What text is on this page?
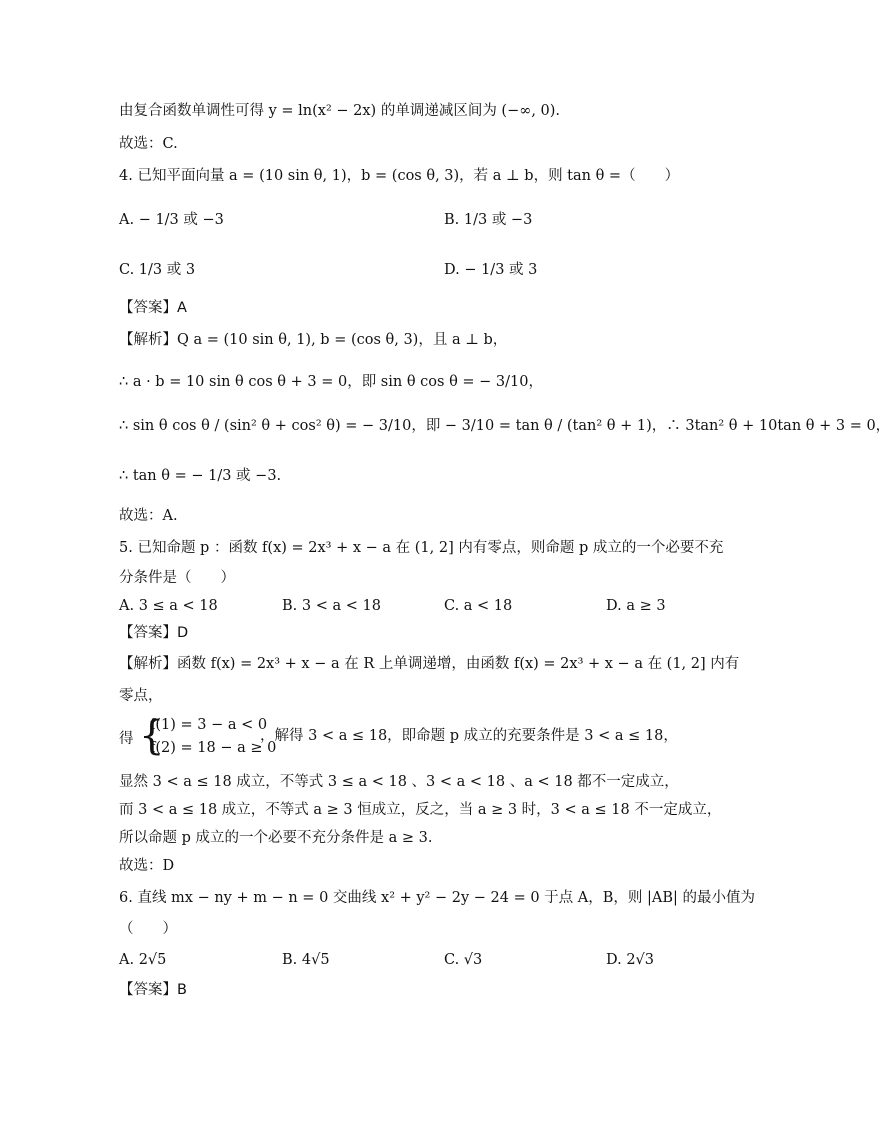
由复合函数单调性可得 y = ln(x² − 2x) 的单调递减区间为 (−∞, 0).
故选：C.
4. 已知平面向量 a = (10 sin θ, 1)，b = (cos θ, 3)，若 a ⊥ b，则 tan θ =（　　）
A. − 1/3 或 −3	B. 1/3 或 −3
C. 1/3 或 3	D. − 1/3 或 3
【答案】A
【解析】Q a = (10 sin θ, 1), b = (cos θ, 3)，且 a ⊥ b，
∴ a · b = 10 sin θ cos θ + 3 = 0，即 sin θ cos θ = − 3/10，
∴ sin θ cos θ / (sin² θ + cos² θ) = − 3/10，即 − 3/10 = tan θ / (tan² θ + 1)，∴ 3tan² θ + 10tan θ + 3 = 0，
∴ tan θ = − 1/3 或 −3.
故选：A.
5. 已知命题 p ：函数 f(x) = 2x³ + x − a 在 (1, 2] 内有零点，则命题 p 成立的一个必要不充
分条件是（　　）
A. 3 ≤ a < 18	B. 3 < a < 18	C. a < 18	D. a ≥ 3
【答案】D
【解析】函数 f(x) = 2x³ + x − a 在 R 上单调递增，由函数 f(x) = 2x³ + x − a 在 (1, 2] 内有
零点，
得 {
f(1) = 3 − a < 0
f(2) = 18 − a ≥ 0
，解得 3 < a ≤ 18，即命题 p 成立的充要条件是 3 < a ≤ 18，
显然 3 < a ≤ 18 成立，不等式 3 ≤ a < 18 、3 < a < 18 、a < 18 都不一定成立，
而 3 < a ≤ 18 成立，不等式 a ≥ 3 恒成立，反之，当 a ≥ 3 时，3 < a ≤ 18 不一定成立，
所以命题 p 成立的一个必要不充分条件是 a ≥ 3.
故选：D
6. 直线 mx − ny + m − n = 0 交曲线 x² + y² − 2y − 24 = 0 于点 A，B，则 |AB| 的最小值为
（　　）
A. 2√5	B. 4√5	C. √3	D. 2√3
【答案】B
